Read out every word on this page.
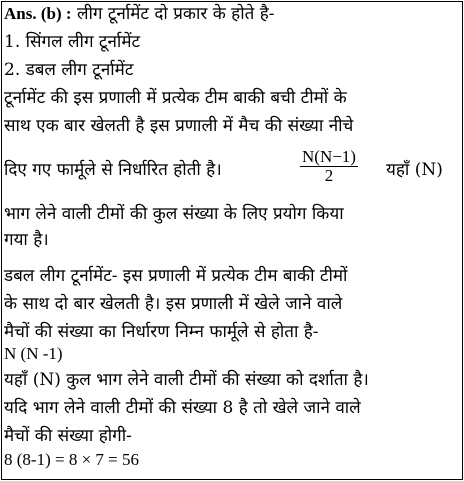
Ans. (b) : लीग टूर्नामेंट दो प्रकार के होते है-
1. सिंगल लीग टूर्नामेंट
2. डबल लीग टूर्नामेंट
टूर्नामेंट की इस प्रणाली में प्रत्येक टीम बाकी बची टीमों के
साथ एक बार खेलती है इस प्रणाली में मैच की संख्या नीचे
दिए गए फार्मूले से निर्धारित होती है।	$\frac{N(N-1)}{2}$ यहाँ (N)
भाग लेने वाली टीमों की कुल संख्या के लिए प्रयोग किया
गया है।
डबल लीग टूर्नामेंट- इस प्रणाली में प्रत्येक टीम बाकी टीमों
के साथ दो बार खेलती है। इस प्रणाली में खेले जाने वाले
मैचों की संख्या का निर्धारण निम्न फार्मूले से होता है-
N (N -1)
यहाँ (N) कुल भाग लेने वाली टीमों की संख्या को दर्शाता है।
यदि भाग लेने वाली टीमों की संख्या 8 है तो खेले जाने वाले
मैचों की संख्या होगी-
8 (8-1) = 8 × 7 = 56
